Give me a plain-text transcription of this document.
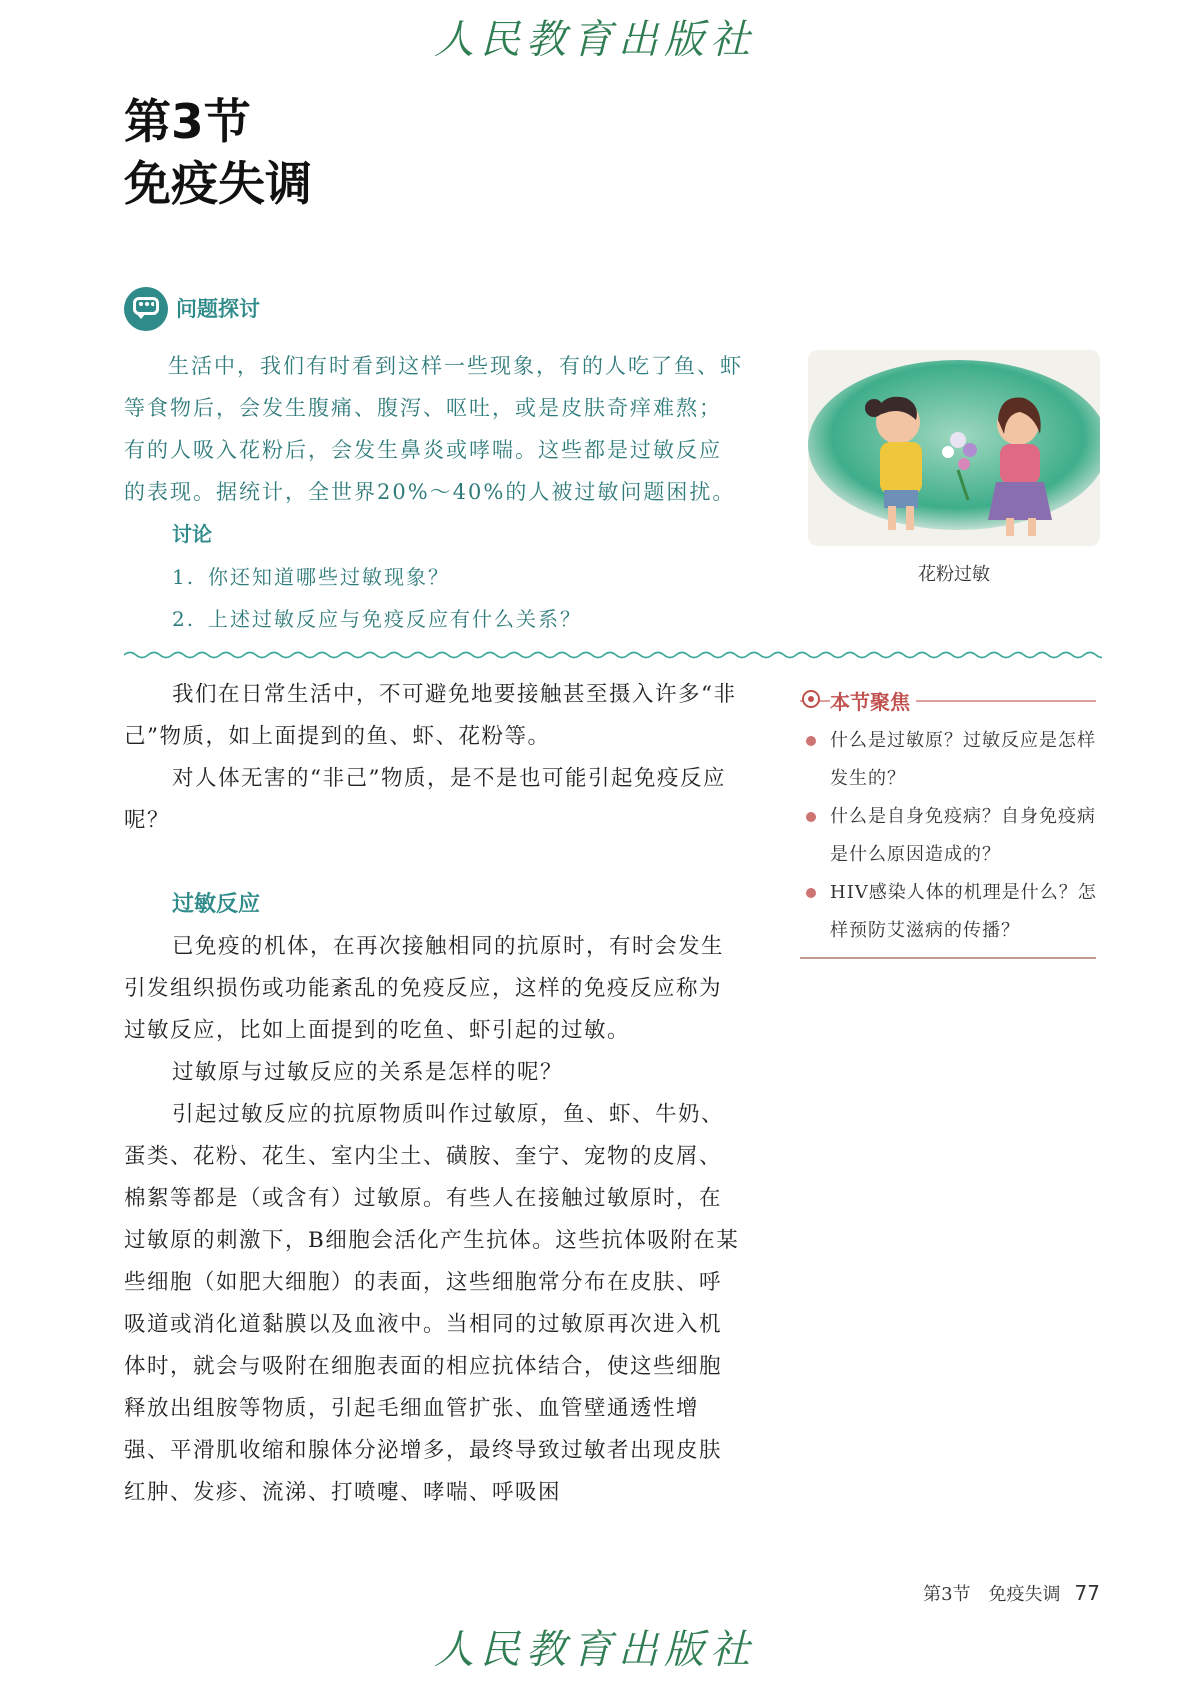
人民教育出版社
第3节
免疫失调
问题探讨

生活中，我们有时看到这样一些现象，有的人吃了鱼、虾等食物后，会发生腹痛、腹泻、呕吐，或是皮肤奇痒难熬；有的人吸入花粉后，会发生鼻炎或哮喘。这些都是过敏反应的表现。据统计，全世界20%～40%的人被过敏问题困扰。

讨论
1. 你还知道哪些过敏现象？
2. 上述过敏反应与免疫反应有什么关系？
花粉过敏

我们在日常生活中，不可避免地要接触甚至摄入许多“非己”物质，如上面提到的鱼、虾、花粉等。

对人体无害的“非己”物质，是不是也可能引起免疫反应呢？

过敏反应

已免疫的机体，在再次接触相同的抗原时，有时会发生引发组织损伤或功能紊乱的免疫反应，这样的免疫反应称为过敏反应，比如上面提到的吃鱼、虾引起的过敏。

过敏原与过敏反应的关系是怎样的呢？

引起过敏反应的抗原物质叫作过敏原，鱼、虾、牛奶、蛋类、花粉、花生、室内尘土、磺胺、奎宁、宠物的皮屑、棉絮等都是（或含有）过敏原。有些人在接触过敏原时，在过敏原的刺激下，B细胞会活化产生抗体。这些抗体吸附在某些细胞（如肥大细胞）的表面，这些细胞常分布在皮肤、呼吸道或消化道黏膜以及血液中。当相同的过敏原再次进入机体时，就会与吸附在细胞表面的相应抗体结合，使这些细胞释放出组胺等物质，引起毛细血管扩张、血管壁通透性增强、平滑肌收缩和腺体分泌增多，最终导致过敏者出现皮肤红肿、发疹、流涕、打喷嚏、哮喘、呼吸困

本节聚焦
什么是过敏原？过敏反应是怎样发生的？
什么是自身免疫病？自身免疫病是什么原因造成的？
HIV感染人体的机理是什么？怎样预防艾滋病的传播？
第3节　免疫失调 77
人民教育出版社
